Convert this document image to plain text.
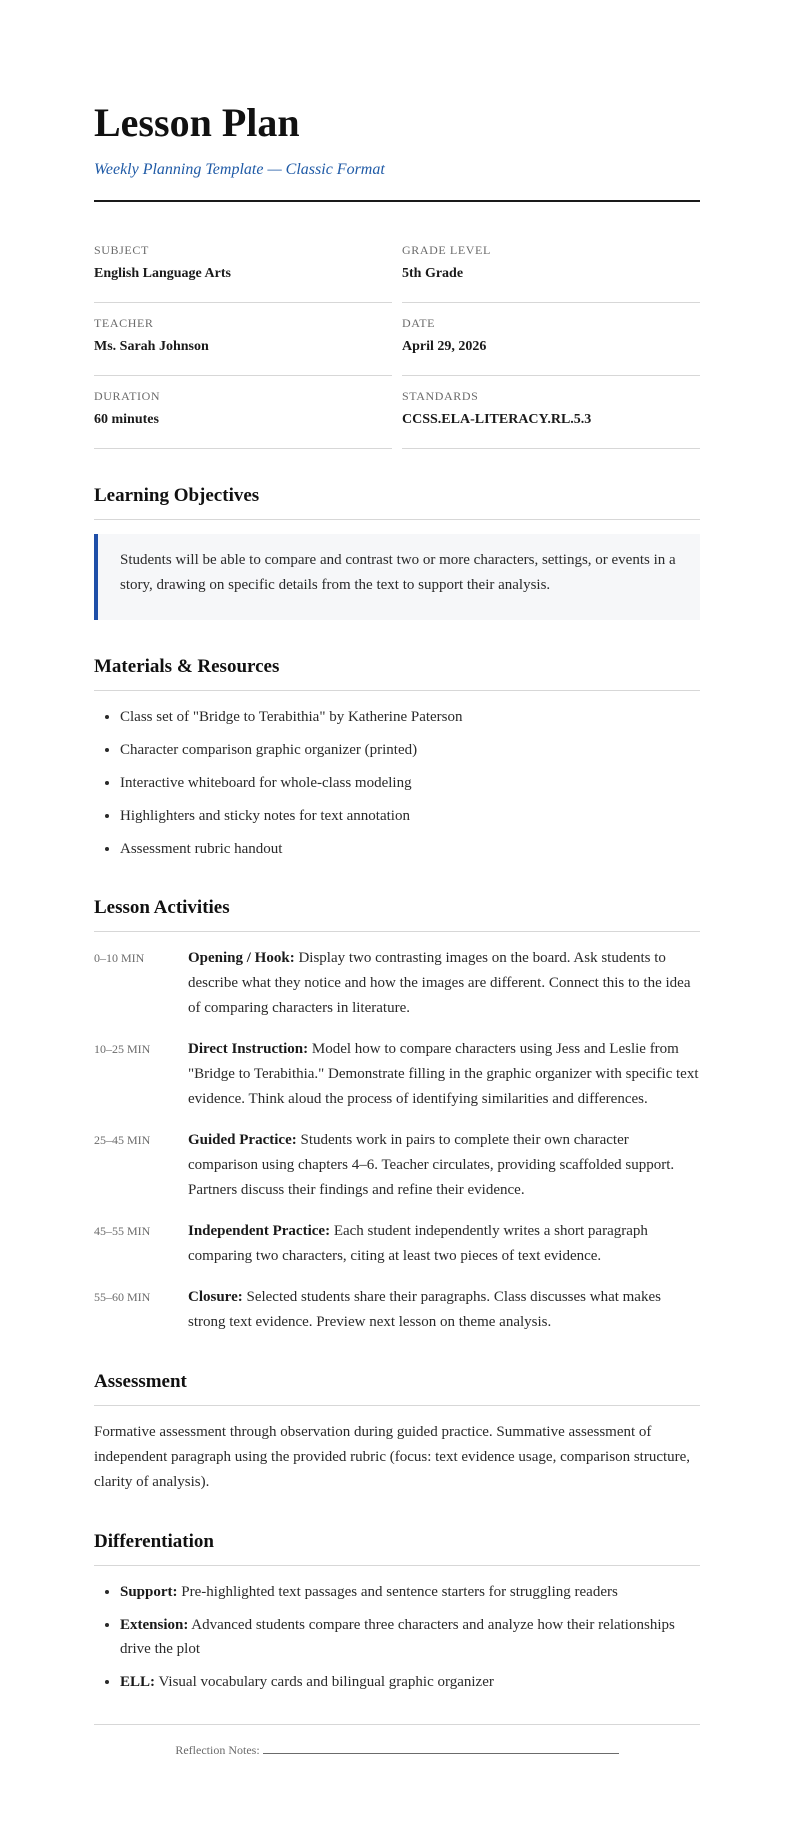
Lesson Plan
Weekly Planning Template — Classic Format
SUBJECT
English Language Arts
GRADE LEVEL
5th Grade
TEACHER
Ms. Sarah Johnson
DATE
April 29, 2026
DURATION
60 minutes
STANDARDS
CCSS.ELA-LITERACY.RL.5.3
Learning Objectives
Students will be able to compare and contrast two or more characters, settings, or events in a story, drawing on specific details from the text to support their analysis.
Materials & Resources
• Class set of "Bridge to Terabithia" by Katherine Paterson
• Character comparison graphic organizer (printed)
• Interactive whiteboard for whole-class modeling
• Highlighters and sticky notes for text annotation
• Assessment rubric handout
Lesson Activities
0–10 MIN	Opening / Hook: Display two contrasting images on the board. Ask students to describe what they notice and how the images are different. Connect this to the idea of comparing characters in literature.
10–25 MIN	Direct Instruction: Model how to compare characters using Jess and Leslie from "Bridge to Terabithia." Demonstrate filling in the graphic organizer with specific text evidence. Think aloud the process of identifying similarities and differences.
25–45 MIN	Guided Practice: Students work in pairs to complete their own character comparison using chapters 4–6. Teacher circulates, providing scaffolded support. Partners discuss their findings and refine their evidence.
45–55 MIN	Independent Practice: Each student independently writes a short paragraph comparing two characters, citing at least two pieces of text evidence.
55–60 MIN	Closure: Selected students share their paragraphs. Class discusses what makes strong text evidence. Preview next lesson on theme analysis.
Assessment
Formative assessment through observation during guided practice. Summative assessment of independent paragraph using the provided rubric (focus: text evidence usage, comparison structure, clarity of analysis).
Differentiation
• Support: Pre-highlighted text passages and sentence starters for struggling readers
• Extension: Advanced students compare three characters and analyze how their relationships drive the plot
• ELL: Visual vocabulary cards and bilingual graphic organizer
Reflection Notes:
